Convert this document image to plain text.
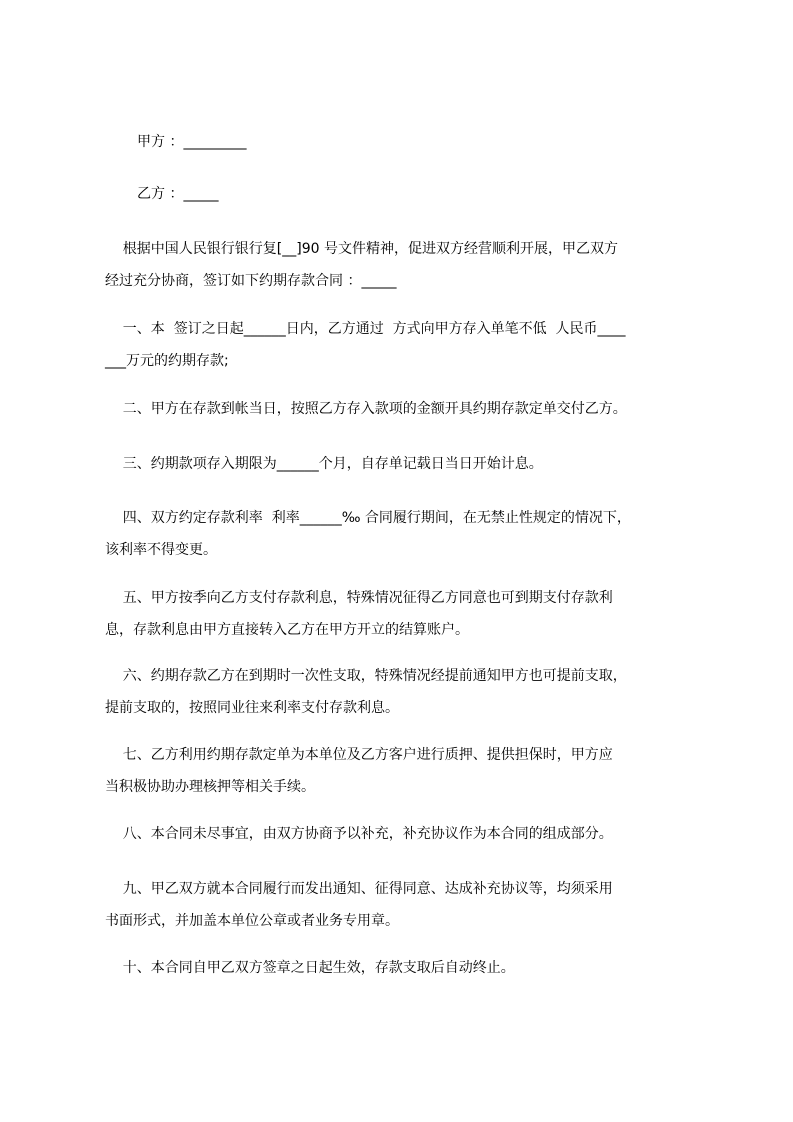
甲方 ：_________
乙方 ：_____
根据中国人民银行银行复[__]90 号文件精神，促进双方经营顺利开展，甲乙双方
经过充分协商，签订如下约期存款合同 ：_____
一、本  签订之日起______日内，乙方通过  方式向甲方存入单笔不低  人民币____
___万元的约期存款;
二、甲方在存款到帐当日，按照乙方存入款项的金额开具约期存款定单交付乙方。
三、约期款项存入期限为______个月，自存单记载日当日开始计息。
四、双方约定存款利率  利率______‰ 合同履行期间，在无禁止性规定的情况下，
该利率不得变更。
五、甲方按季向乙方支付存款利息，特殊情况征得乙方同意也可到期支付存款利
息，存款利息由甲方直接转入乙方在甲方开立的结算账户。
六、约期存款乙方在到期时一次性支取，特殊情况经提前通知甲方也可提前支取，
提前支取的，按照同业往来利率支付存款利息。
七、乙方利用约期存款定单为本单位及乙方客户进行质押、提供担保时，甲方应
当积极协助办理核押等相关手续。
八、本合同未尽事宜，由双方协商予以补充，补充协议作为本合同的组成部分。
九、甲乙双方就本合同履行而发出通知、征得同意、达成补充协议等，均须采用
书面形式，并加盖本单位公章或者业务专用章。
十、本合同自甲乙双方签章之日起生效，存款支取后自动终止。
